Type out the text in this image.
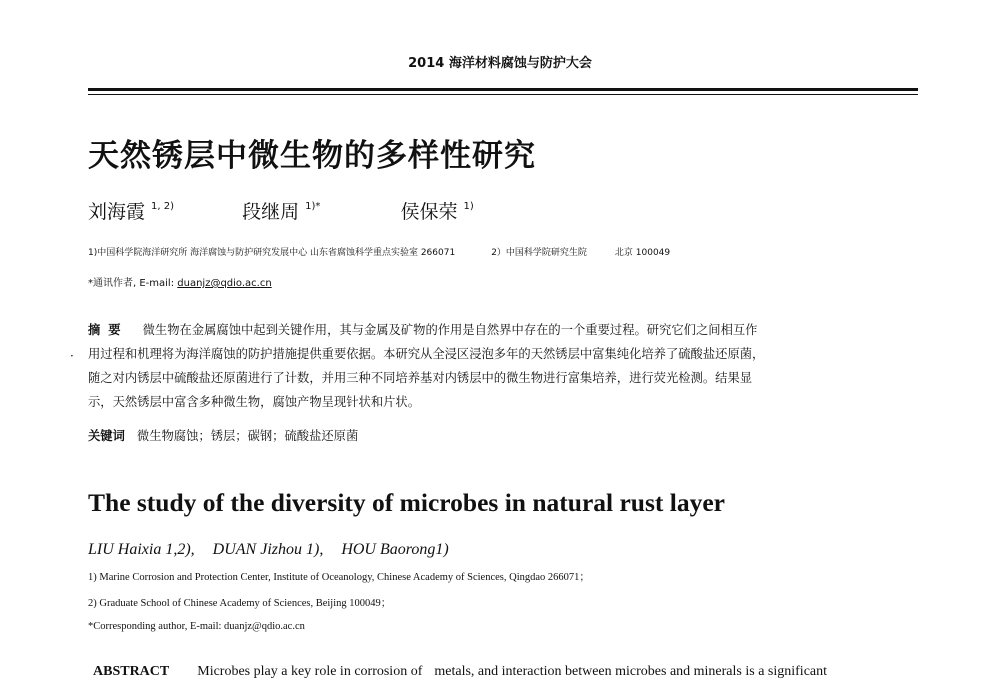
2014 海洋材料腐蚀与防护大会
天然锈层中微生物的多样性研究
刘海霞 $^{1, 2)}$	段继周 $^{1)*}$	侯保荣 $^{1)}$
1)中国科学院海洋研究所 海洋腐蚀与防护研究发展中心 山东省腐蚀科学重点实验室 266071	2）中国科学院研究生院	北京 100049
*通讯作者, E-mail: duanjz@qdio.ac.cn
·

摘要 微生物在金属腐蚀中起到关键作用，其与金属及矿物的作用是自然界中存在的一个重要过程。研究它们之间相互作

用过程和机理将为海洋腐蚀的防护措施提供重要依据。本研究从全浸区浸泡多年的天然锈层中富集纯化培养了硫酸盐还原菌，

随之对内锈层中硫酸盐还原菌进行了计数，并用三种不同培养基对内锈层中的微生物进行富集培养，进行荧光检测。结果显

示，天然锈层中富含多种微生物，腐蚀产物呈现针状和片状。

关键词 微生物腐蚀；锈层；碳钢；硫酸盐还原菌
The study of the diversity of microbes in natural rust layer
LIU Haixia 1,2), DUAN Jizhou 1), HOU Baorong1)
1) Marine Corrosion and Protection Center, Institute of Oceanology, Chinese Academy of Sciences, Qingdao 266071；
2) Graduate School of Chinese Academy of Sciences, Beijing 100049；
*Corresponding author, E-mail: duanjz@qdio.ac.cn
ABSTRACT Microbes play a key role in corrosion of metals, and interaction between microbes and minerals is a significant
